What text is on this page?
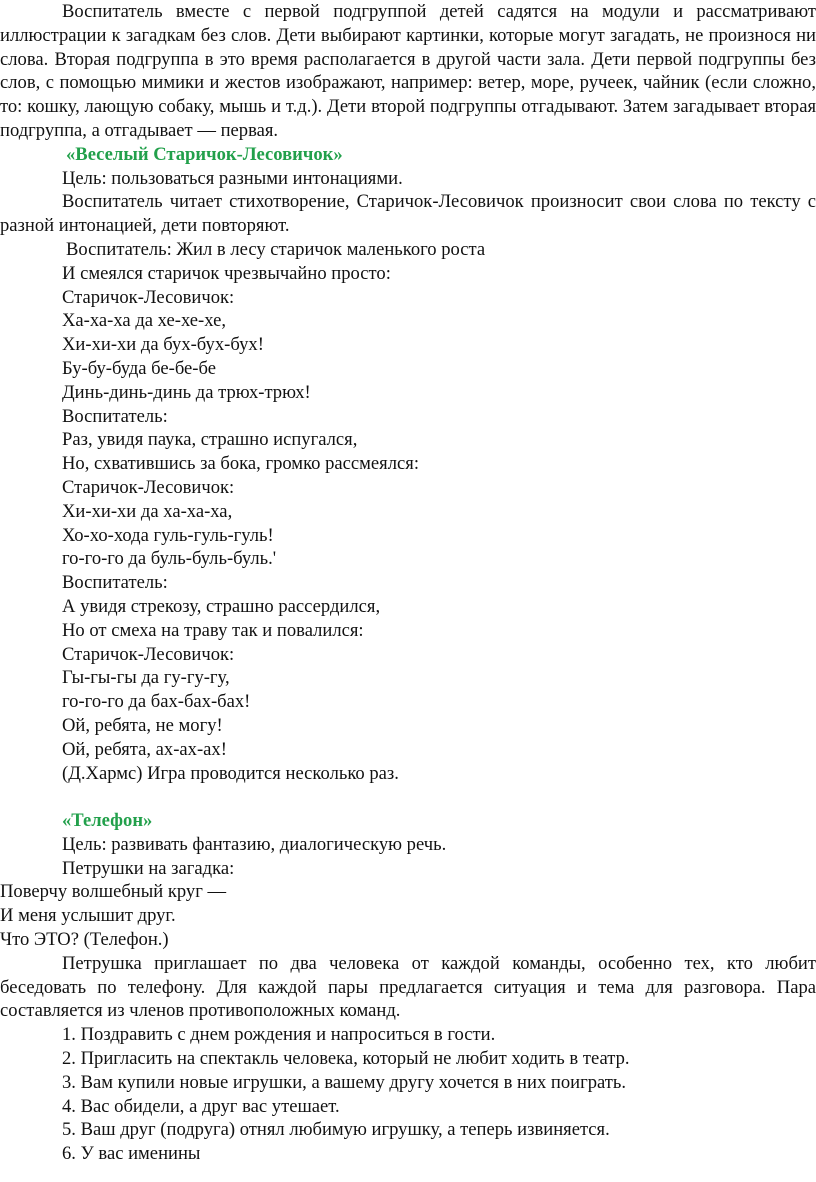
Воспитатель вместе с первой подгруппой детей садятся на модули и рассматривают иллюстрации к загадкам без слов. Дети выбирают картинки, которые могут загадать, не произнося ни слова. Вторая подгруппа в это время располагается в другой части зала. Дети первой подгруппы без слов, с помощью мимики и жестов изображают, например: ветер, море, ручеек, чайник (если сложно, то: кошку, лающую собаку, мышь и т.д.). Дети второй подгруппы отгадывают. Затем загадывает вторая подгруппа, а отгадывает — первая.

«Веселый Старичок-Лесовичок»
Цель: пользоваться разными интонациями.

Воспитатель читает стихотворение, Старичок-Лесовичок произносит свои слова по тексту с разной интонацией, дети повторяют.

Воспитатель: Жил в лесу старичок маленького роста
И смеялся старичок чрезвычайно просто:
Старичок-Лесовичок:
Ха-ха-ха да хе-хе-хе,
Хи-хи-хи да бух-бух-бух!
Бу-бу-буда бе-бе-бе
Динь-динь-динь да трюх-трюх!
Воспитатель:
Раз, увидя паука, страшно испугался,
Но, схватившись за бока, громко рассмеялся:
Старичок-Лесовичок:
Хи-хи-хи да ха-ха-ха,
Хо-хо-хода гуль-гуль-гуль!
го-го-го да буль-буль-буль.'
Воспитатель:
А увидя стрекозу, страшно рассердился,
Но от смеха на траву так и повалился:
Старичок-Лесовичок:
Гы-гы-гы да гу-гу-гу,
го-го-го да бах-бах-бах!
Ой, ребята, не могу!
Ой, ребята, ах-ах-ах!
(Д.Хармс) Игра проводится несколько раз.
«Телефон»
Цель: развивать фантазию, диалогическую речь.
Петрушки на загадка:
Поверчу волшебный круг —
И меня услышит друг.
Что ЭТО? (Телефон.)

Петрушка приглашает по два человека от каждой команды, особенно тех, кто любит беседовать по телефону. Для каждой пары предлагается ситуация и тема для разговора. Пара составляется из членов противоположных команд.

1. Поздравить с днем рождения и напроситься в гости.
2. Пригласить на спектакль человека, который не любит ходить в театр.
3. Вам купили новые игрушки, а вашему другу хочется в них поиграть.
4. Вас обидели, а друг вас утешает.
5. Ваш друг (подруга) отнял любимую игрушку, а теперь извиняется.
6. У вас именины
